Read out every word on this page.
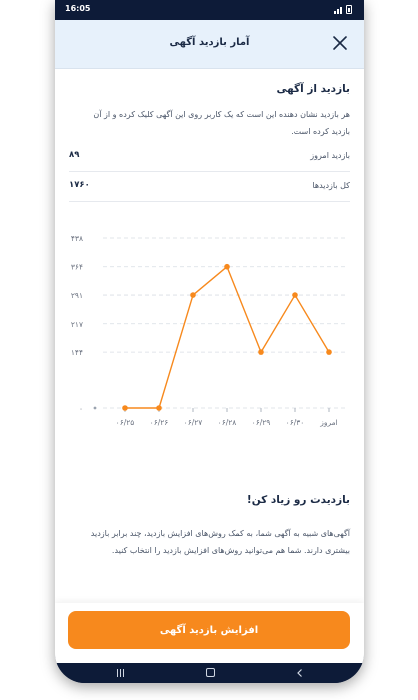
16:05
آمار بازدید آگهی
بازدید از آگهی
هر بازدید نشان دهنده این است که یک کاربر روی این آگهی کلیک کرده و از آن بازدید کرده است.
بازدید امروز
۸۹
کل بازدیدها
۱۷۶۰
۰
۱۴۴
۲۱۷
۲۹۱
۳۶۴
۴۳۸
۰۶/۲۵ ۰۶/۲۶ ۰۶/۲۷ ۰۶/۲۸ ۰۶/۲۹ ۰۶/۳۰ امروز
بازدیدت رو زیاد کن!
آگهی‌های شبیه به آگهی شما، به کمک روش‌های افزایش بازدید، چند برابر بازدید بیشتری دارند. شما هم می‌توانید روش‌های افزایش بازدید را انتخاب کنید.
افزایش بازدید آگهی
